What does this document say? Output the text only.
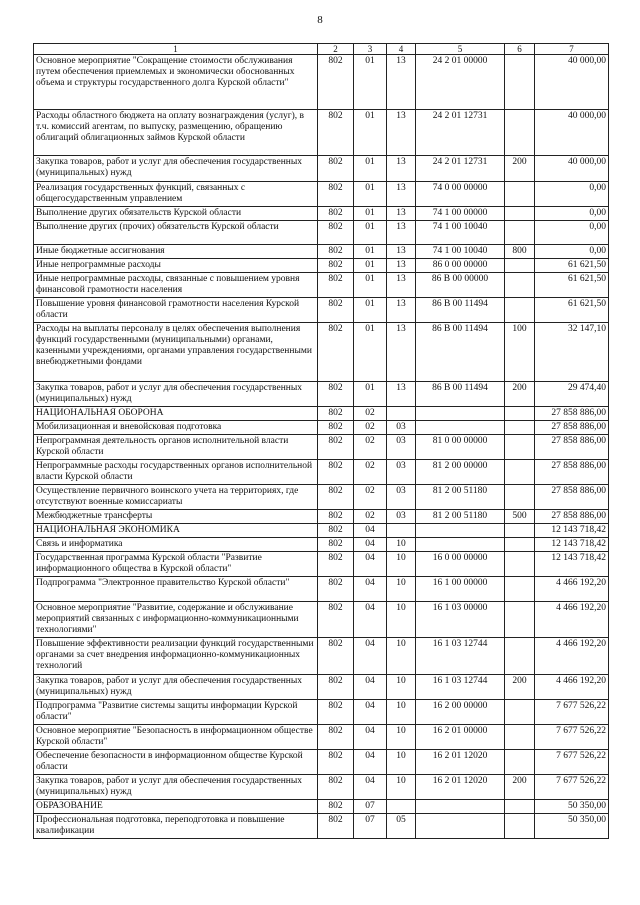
8
1	2	3	4	5	6	7
Основное мероприятие "Сокращение стоимости обслуживания путем обеспечения приемлемых и экономически обоснованных объема и структуры государственного долга Курской области"	802	01	13	24 2 01 00000		40 000,00
Расходы областного бюджета на оплату вознаграждения (услуг), в т.ч. комиссий агентам, по выпуску, размещению, обращению облигаций облигационных займов Курской области	802	01	13	24 2 01 12731		40 000,00
Закупка товаров, работ и услуг для обеспечения государственных (муниципальных) нужд	802	01	13	24 2 01 12731	200	40 000,00
Реализация государственных функций, связанных с общегосударственным управлением	802	01	13	74 0 00 00000		0,00
Выполнение других обязательств Курской области	802	01	13	74 1 00 00000		0,00
Выполнение других (прочих) обязательств Курской области	802	01	13	74 1 00 10040		0,00
Иные бюджетные ассигнования	802	01	13	74 1 00 10040	800	0,00
Иные непрограммные расходы	802	01	13	86 0 00 00000		61 621,50
Иные непрограммные расходы, связанные с повышением уровня финансовой грамотности населения	802	01	13	86 В 00 00000		61 621,50
Повышение уровня финансовой грамотности населения Курской области	802	01	13	86 В 00 11494		61 621,50
Расходы на выплаты персоналу в целях обеспечения выполнения функций государственными (муниципальными) органами, казенными учреждениями, органами управления государственными внебюджетными фондами	802	01	13	86 В 00 11494	100	32 147,10
Закупка товаров, работ и услуг для обеспечения государственных (муниципальных) нужд	802	01	13	86 В 00 11494	200	29 474,40
НАЦИОНАЛЬНАЯ ОБОРОНА	802	02				27 858 886,00
Мобилизационная и вневойсковая подготовка	802	02	03			27 858 886,00
Непрограммная деятельность органов исполнительной власти Курской области	802	02	03	81 0 00 00000		27 858 886,00
Непрограммные расходы государственных органов исполнительной власти Курской области	802	02	03	81 2 00 00000		27 858 886,00
Осуществление первичного воинского учета на территориях, где отсутствуют военные комиссариаты	802	02	03	81 2 00 51180		27 858 886,00
Межбюджетные трансферты	802	02	03	81 2 00 51180	500	27 858 886,00
НАЦИОНАЛЬНАЯ ЭКОНОМИКА	802	04				12 143 718,42
Связь и информатика	802	04	10			12 143 718,42
Государственная программа Курской области "Развитие информационного общества в Курской области"	802	04	10	16 0 00 00000		12 143 718,42
Подпрограмма "Электронное правительство Курской области"	802	04	10	16 1 00 00000		4 466 192,20
Основное мероприятие "Развитие, содержание и обслуживание мероприятий связанных с информационно-коммуникационными технологиями"	802	04	10	16 1 03 00000		4 466 192,20
Повышение эффективности реализации функций государственными органами за счет внедрения информационно-коммуникационных технологий	802	04	10	16 1 03 12744		4 466 192,20
Закупка товаров, работ и услуг для обеспечения государственных (муниципальных) нужд	802	04	10	16 1 03 12744	200	4 466 192,20
Подпрограмма "Развитие системы защиты информации Курской области"	802	04	10	16 2 00 00000		7 677 526,22
Основное мероприятие "Безопасность в информационном обществе Курской области"	802	04	10	16 2 01 00000		7 677 526,22
Обеспечение безопасности в информационном обществе Курской области	802	04	10	16 2 01 12020		7 677 526,22
Закупка товаров, работ и услуг для обеспечения государственных (муниципальных) нужд	802	04	10	16 2 01 12020	200	7 677 526,22
ОБРАЗОВАНИЕ	802	07				50 350,00
Профессиональная подготовка, переподготовка и повышение квалификации	802	07	05			50 350,00
